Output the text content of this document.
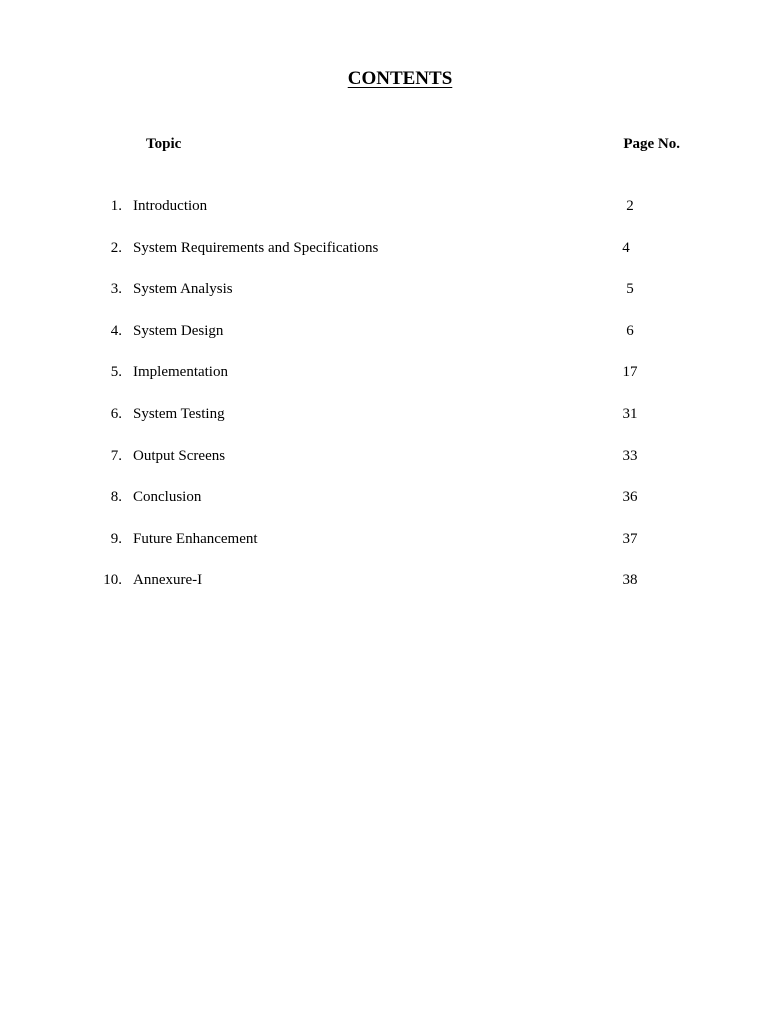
CONTENTS
Topic	Page No.
1. Introduction	2
2. System Requirements and Specifications	4
3. System Analysis	5
4. System Design	6
5. Implementation	17
6. System Testing	31
7. Output Screens	33
8. Conclusion	36
9. Future Enhancement	37
10. Annexure-I	38
